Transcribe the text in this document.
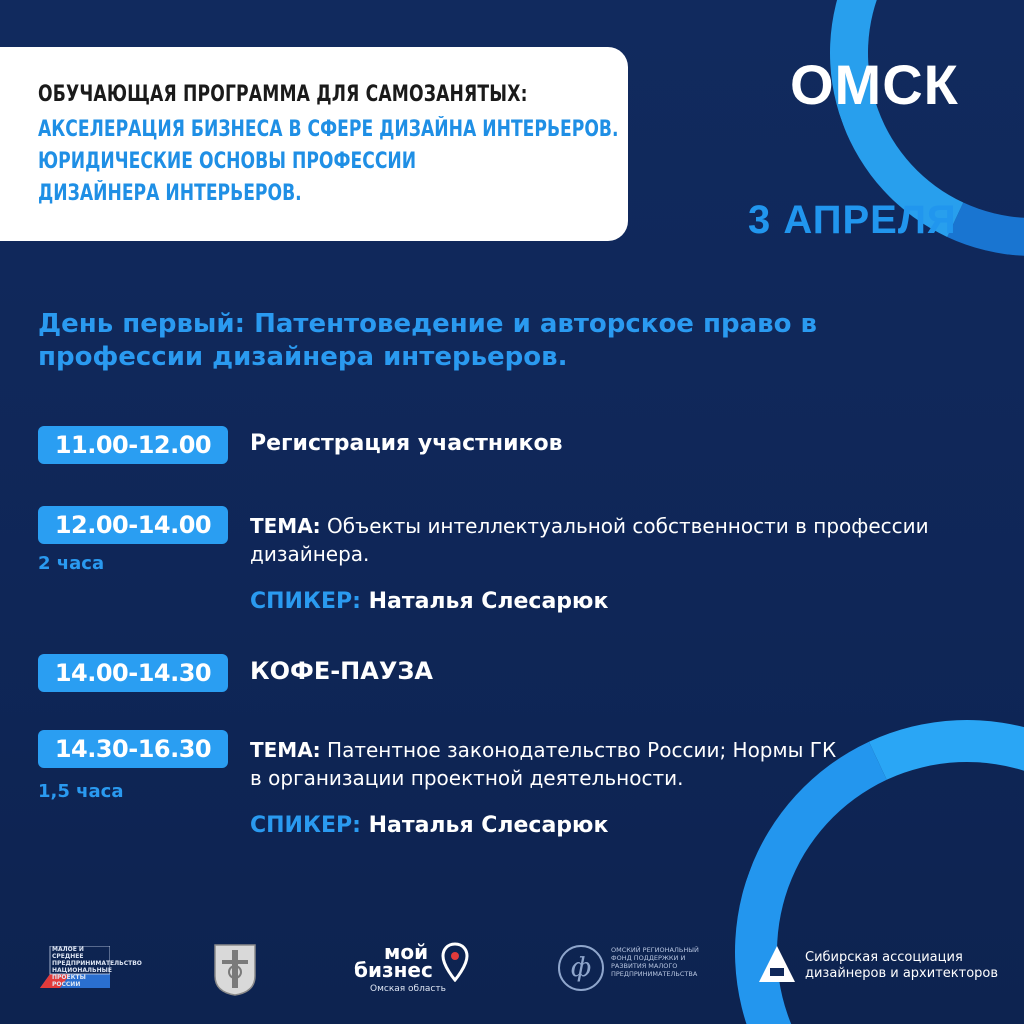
ОБУЧАЮЩАЯ ПРОГРАММА ДЛЯ САМОЗАНЯТЫХ:
АКСЕЛЕРАЦИЯ БИЗНЕСА В СФЕРЕ ДИЗАЙНА ИНТЕРЬЕРОВ.
ЮРИДИЧЕСКИЕ ОСНОВЫ ПРОФЕССИИ
ДИЗАЙНЕРА ИНТЕРЬЕРОВ.
ОМСК
3 АПРЕЛЯ
День первый: Патентоведение и авторское право в профессии дизайнера интерьеров.
11.00-12.00	Регистрация участников
12.00-14.00
2 часа
ТЕМА: Объекты интеллектуальной собственности в профессии дизайнера.
СПИКЕР: Наталья Слесарюк
14.00-14.30	КОФЕ-ПАУЗА
14.30-16.30
1,5 часа
ТЕМА: Патентное законодательство России; Нормы ГК
в организации проектной деятельности.
СПИКЕР: Наталья Слесарюк
МАЛОЕ И СРЕДНЕЕ ПРЕДПРИНИМАТЕЛЬСТВО НАЦИОНАЛЬНЫЕ ПРОЕКТЫ РОССИИ
мой
бизнес
Омская область
ф
ОМСКИЙ РЕГИОНАЛЬНЫЙ ФОНД ПОДДЕРЖКИ И РАЗВИТИЯ МАЛОГО ПРЕДПРИНИМАТЕЛЬСТВА
Сибирская ассоциация
дизайнеров и архитекторов
